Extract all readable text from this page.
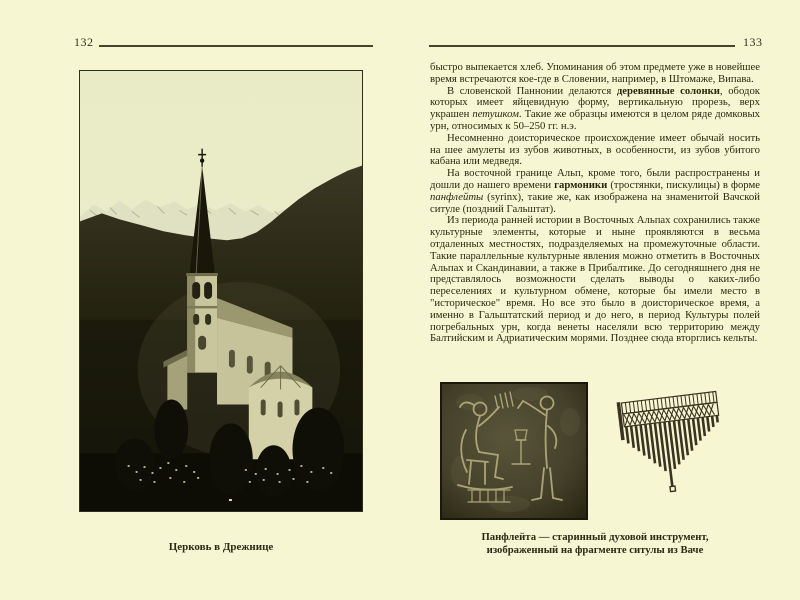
132
Церковь в Дрежнице
133

быстро выпекается хлеб. Упоминания об этом предмете уже в новейшее время встречаются кое-где в Словении, например, в Штомаже, Випава.

В словенской Паннонии делаются деревянные солонки, ободок которых имеет яйцевидную форму, вертикальную прорезь, верх украшен петушком. Такие же образцы имеются в целом ряде домковых урн, относимых к 50–250 гг. н.э.

Несомненно доисторическое происхождение имеет обычай носить на шее амулеты из зубов животных, в особенности, из зубов убитого кабана или медведя.

На восточной границе Альп, кроме того, были распространены и дошли до нашего времени гармоники (тростянки, пискулицы) в форме панфлейты (syrinx), такие же, как изображена на знаменитой Вачской ситуле (поздний Гальштат).

Из периода ранней истории в Восточных Альпах сохранились также культурные элементы, которые и ныне проявляются в весьма отдаленных местностях, подразделяемых на промежуточные области. Такие параллельные культурные явления можно отметить в Восточных Альпах и Скандинавии, а также в Прибалтике. До сегодняшнего дня не представлялось возможности сделать выводы о каких-либо переселениях и культурном обмене, которые бы имели место в "историческое" время. Но все это было в доисторическое время, а именно в Гальштатский период и до него, в период Культуры полей погребальных урн, когда венеты населяли всю территорию между Балтийским и Адриатическим морями. Позднее сюда вторглись кельты.

Панфлейта — старинный духовой инструмент,
изображенный на фрагменте ситулы из Ваче
